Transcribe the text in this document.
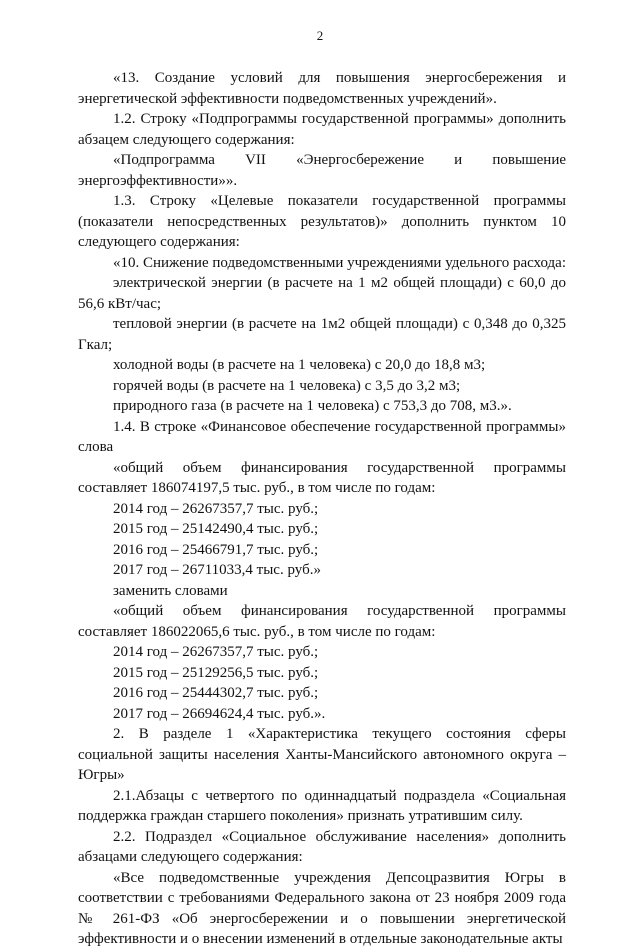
2

«13. Создание условий для повышения энергосбережения и энергетической эффективности подведомственных учреждений».

1.2. Строку «Подпрограммы государственной программы» дополнить абзацем следующего содержания:

«Подпрограмма VII «Энергосбережение и повышение энергоэффективности»».

1.3. Строку «Целевые показатели государственной программы (показатели непосредственных результатов)» дополнить пунктом 10 следующего содержания:

«10. Снижение подведомственными учреждениями удельного расхода:

электрической энергии (в расчете на 1 м2 общей площади) с 60,0 до 56,6 кВт/час;

тепловой энергии (в расчете на 1м2 общей площади) с 0,348 до 0,325 Гкал;

холодной воды (в расчете на 1 человека) с 20,0 до 18,8 м3;

горячей воды (в расчете на 1 человека) с 3,5 до 3,2 м3;

природного газа (в расчете на 1 человека) с 753,3 до 708, м3.».

1.4. В строке «Финансовое обеспечение государственной программы» слова

«общий объем финансирования государственной программы составляет 186074197,5 тыс. руб., в том числе по годам:

2014 год – 26267357,7 тыс. руб.;

2015 год – 25142490,4 тыс. руб.;

2016 год – 25466791,7 тыс. руб.;

2017 год – 26711033,4 тыс. руб.»

заменить словами

«общий объем финансирования государственной программы составляет 186022065,6 тыс. руб., в том числе по годам:

2014 год – 26267357,7 тыс. руб.;

2015 год – 25129256,5 тыс. руб.;

2016 год – 25444302,7 тыс. руб.;

2017 год – 26694624,4 тыс. руб.».

2. В разделе 1 «Характеристика текущего состояния сферы социальной защиты населения Ханты-Мансийского автономного округа – Югры»

2.1.Абзацы с четвертого по одиннадцатый подраздела «Социальная поддержка граждан старшего поколения» признать утратившим силу.

2.2. Подраздел «Социальное обслуживание населения» дополнить абзацами следующего содержания:

«Все подведомственные учреждения Депсоцразвития Югры в соответствии с требованиями Федерального закона от 23 ноября 2009 года № 261-ФЗ «Об энергосбережении и о повышении энергетической эффективности и о внесении изменений в отдельные законодательные акты
